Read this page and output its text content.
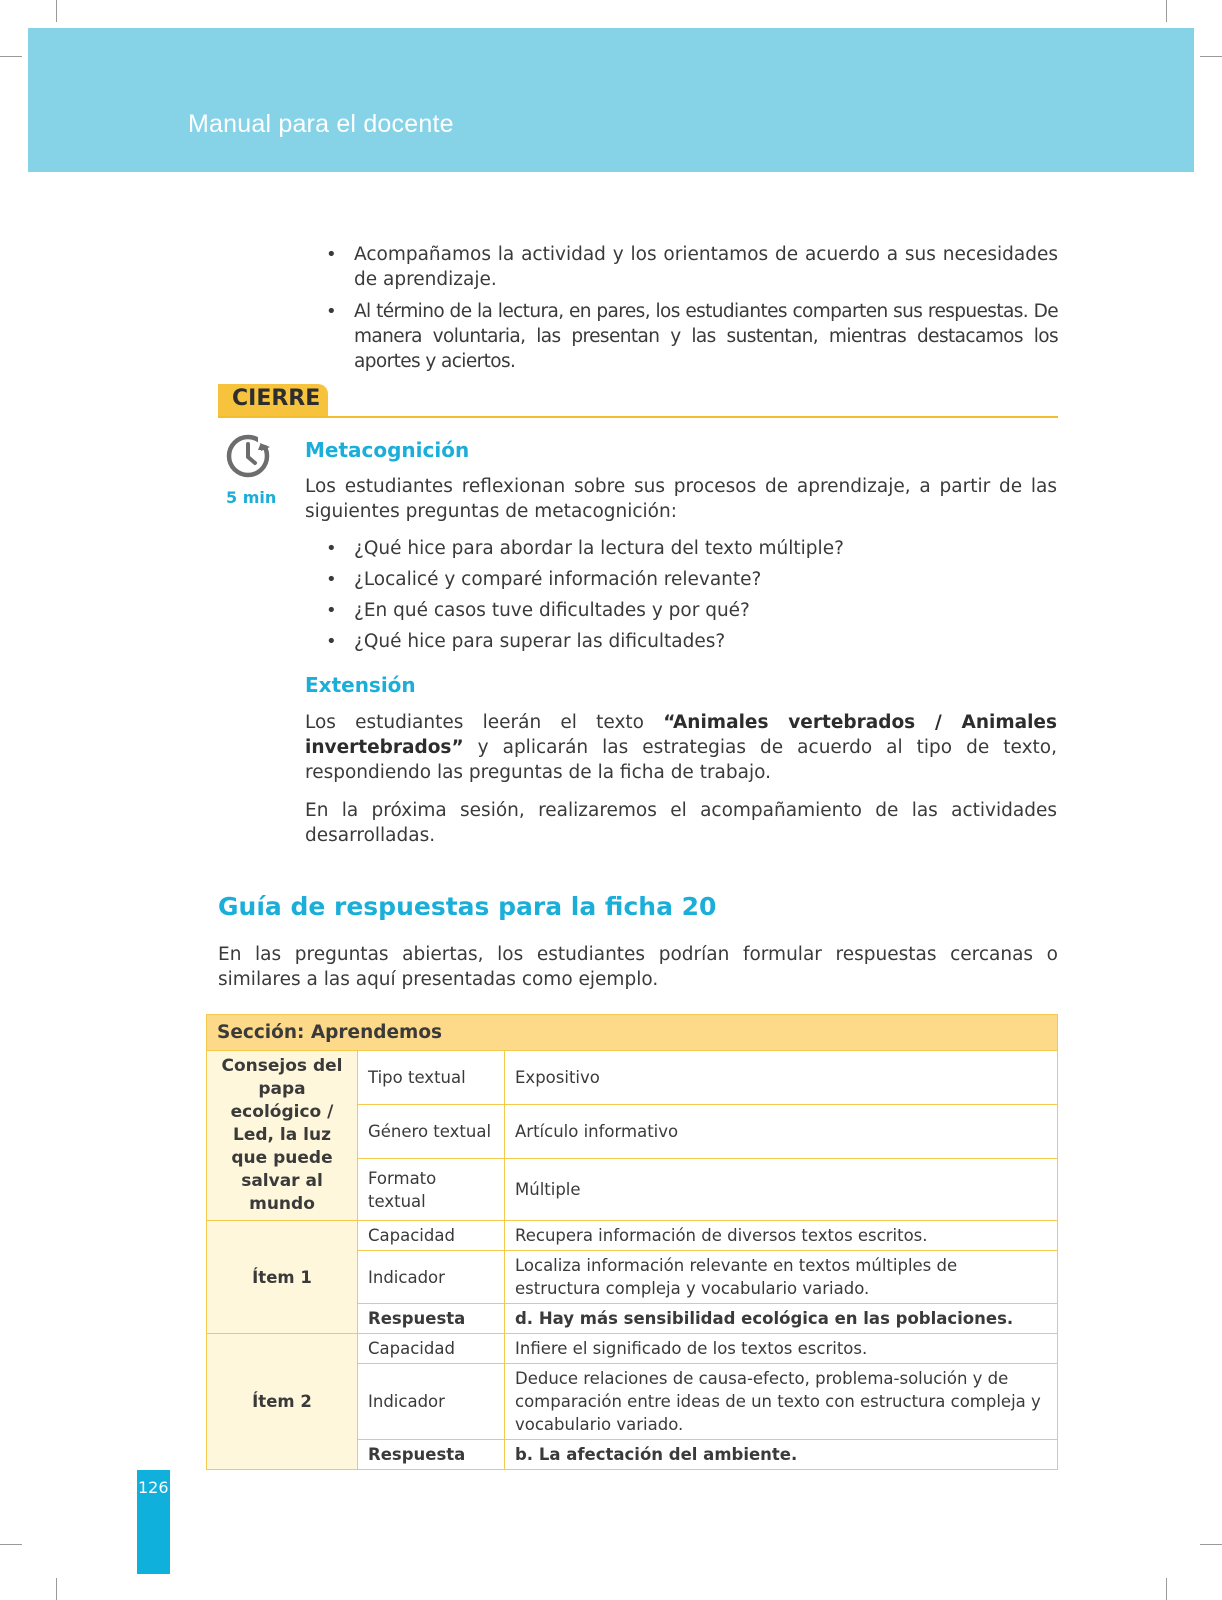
Manual para el docente
• Acompañamos la actividad y los orientamos de acuerdo a sus necesidades de aprendizaje.
• Al término de la lectura, en pares, los estudiantes comparten sus respuestas. De manera voluntaria, las presentan y las sustentan, mientras destacamos los aportes y aciertos.
CIERRE
5 min
Metacognición
Los estudiantes reflexionan sobre sus procesos de aprendizaje, a partir de las siguientes preguntas de metacognición:
• ¿Qué hice para abordar la lectura del texto múltiple?
• ¿Localicé y comparé información relevante?
• ¿En qué casos tuve dificultades y por qué?
• ¿Qué hice para superar las dificultades?
Extensión
Los estudiantes leerán el texto “Animales vertebrados / Animales invertebrados” y aplicarán las estrategias de acuerdo al tipo de texto, respondiendo las preguntas de la ficha de trabajo.
En la próxima sesión, realizaremos el acompañamiento de las actividades desarrolladas.
Guía de respuestas para la ficha 20
En las preguntas abiertas, los estudiantes podrían formular respuestas cercanas o similares a las aquí presentadas como ejemplo.
Sección: Aprendemos		
Consejos del papa ecológico / Led, la luz que puede salvar al mundo	Tipo textual	Expositivo
	Género textual	Artículo informativo
	Formato textual	Múltiple
Ítem 1	Capacidad	Recupera información de diversos textos escritos.
	Indicador	Localiza información relevante en textos múltiples de estructura compleja y vocabulario variado.
	Respuesta	d. Hay más sensibilidad ecológica en las poblaciones.
Ítem 2	Capacidad	Infiere el significado de los textos escritos.
	Indicador	Deduce relaciones de causa-efecto, problema-solución y de comparación entre ideas de un texto con estructura compleja y vocabulario variado.
	Respuesta	b. La afectación del ambiente.
126
